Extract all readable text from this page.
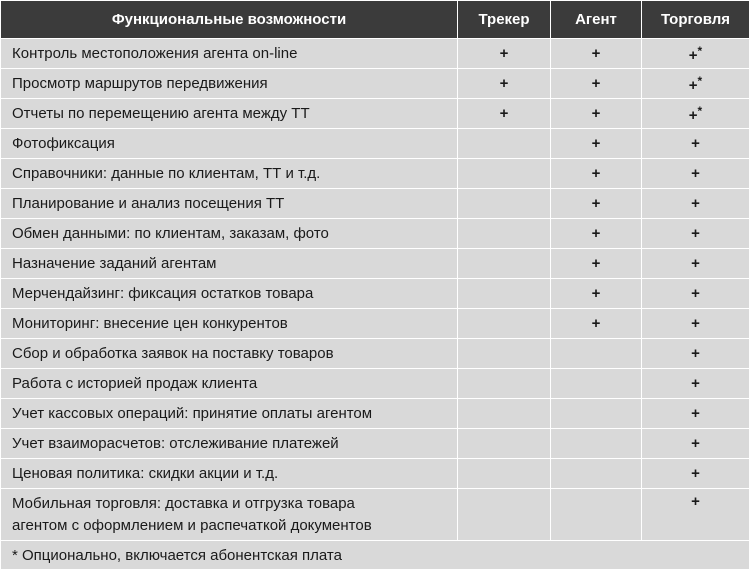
Функциональные возможности	Трекер	Агент	Торговля
Контроль местоположения агента on-line	+	+	+*
Просмотр маршрутов передвижения	+	+	+*
Отчеты по перемещению агента между ТТ	+	+	+*
Фотофиксация		+	+
Справочники: данные по клиентам, ТТ и т.д.		+	+
Планирование и анализ посещения ТТ		+	+
Обмен данными: по клиентам, заказам, фото		+	+
Назначение заданий агентам		+	+
Мерчендайзинг: фиксация остатков товара		+	+
Мониторинг: внесение цен конкурентов		+	+
Сбор и обработка заявок на поставку товаров			+
Работа с историей продаж клиента			+
Учет кассовых операций: принятие оплаты агентом			+
Учет взаиморасчетов: отслеживание платежей			+
Ценовая политика: скидки акции и т.д.			+

Мобильная торговля: доставка и отгрузка товара
агентом с оформлением и распечаткой документов			+
* Опционально, включается абонентская плата			
